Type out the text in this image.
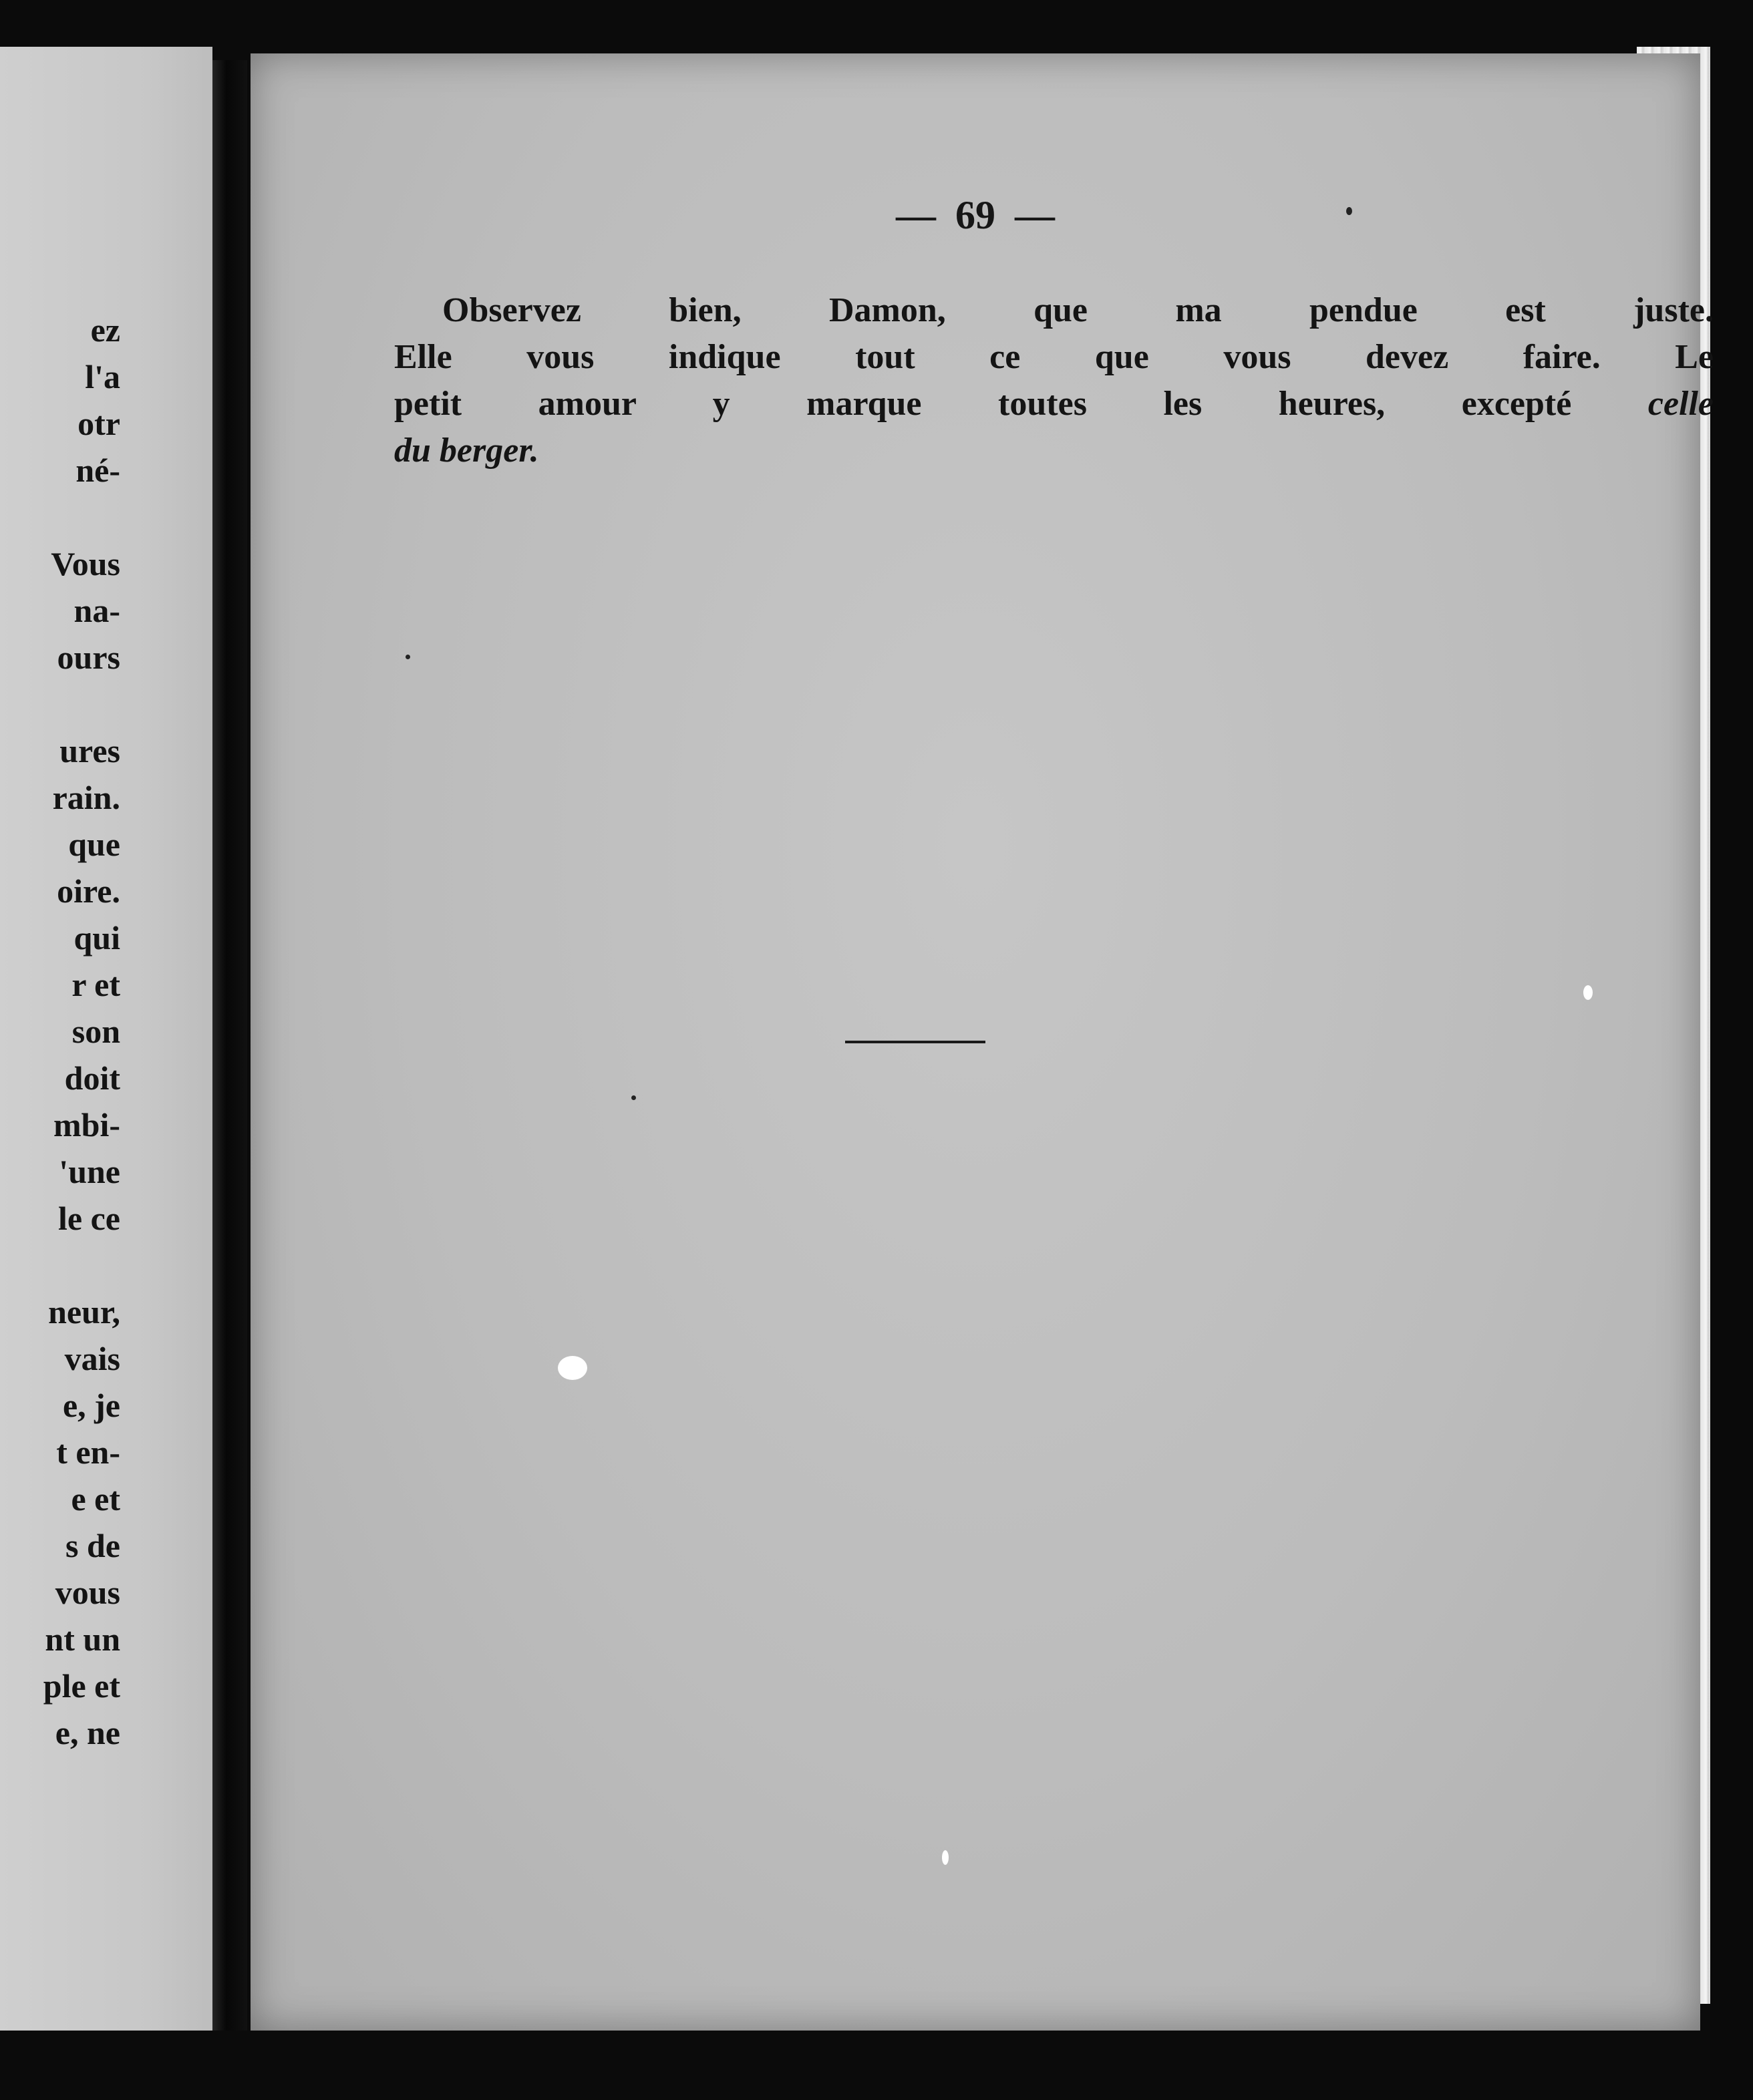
ez
l'a
otr
né-
Vous
na-
ours
ures
rain.
que
oire.
qui
r et
son
doit
mbi-
'une
le ce
neur,
vais
e, je
t en-
e et
s de
vous
nt un
ple et
e, ne
— 69 —
Observez bien, Damon, que ma pendue est juste.
Elle vous indique tout ce que vous devez faire. Le
petit amour y marque toutes les heures, excepté celle
du berger.
